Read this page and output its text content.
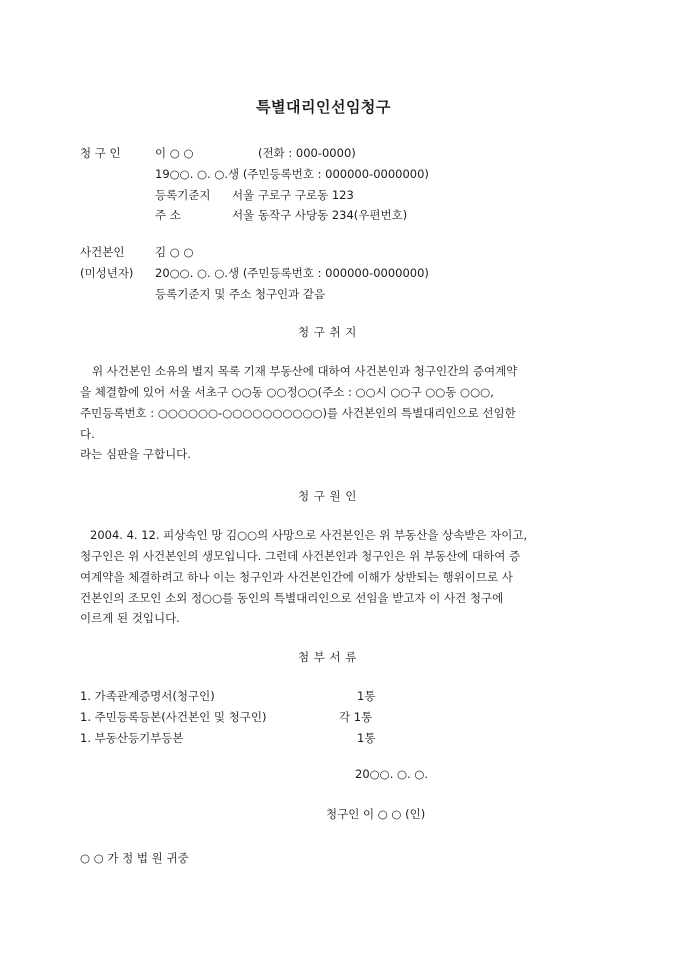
특별대리인선임청구
청 구 인	이 ○ ○	(전화 : 000-0000)
19○○. ○. ○.생 (주민등록번호 : 000000-0000000)
등록기준지 서울 구로구 구로동 123
주 소	서울 동작구 사당동 234(우편번호)
사건본인	김 ○ ○
(미성년자) 20○○. ○. ○.생 (주민등록번호 : 000000-0000000)
등록기준지 및 주소 청구인과 같음
청 구 취 지
위 사건본인 소유의 별지 목록 기재 부동산에 대하여 사건본인과 청구인간의 증여계약
을 체결함에 있어 서울 서초구 ○○동 ○○정○○(주소 : ○○시 ○○구 ○○동 ○○○,
주민등록번호 : ○○○○○○-○○○○○○○○○○)를 사건본인의 특별대리인으로 선임한
다.
라는 심판을 구합니다.
청 구 원 인
2004. 4. 12. 피상속인 망 김○○의 사망으로 사건본인은 위 부동산을 상속받은 자이고,
청구인은 위 사건본인의 생모입니다. 그런데 사건본인과 청구인은 위 부동산에 대하여 증
여계약을 체결하려고 하나 이는 청구인과 사건본인간에 이해가 상반되는 행위이므로 사
건본인의 조모인 소외 정○○를 동인의 특별대리인으로 선임을 받고자 이 사건 청구에
이르게 된 것입니다.
첨 부 서 류
1. 가족관계증명서(청구인)	1통
1. 주민등록등본(사건본인 및 청구인)	각 1통
1. 부동산등기부등본	1통
20○○. ○. ○.
청구인 이 ○ ○ (인)
○ ○ 가 정 법 원 귀중
